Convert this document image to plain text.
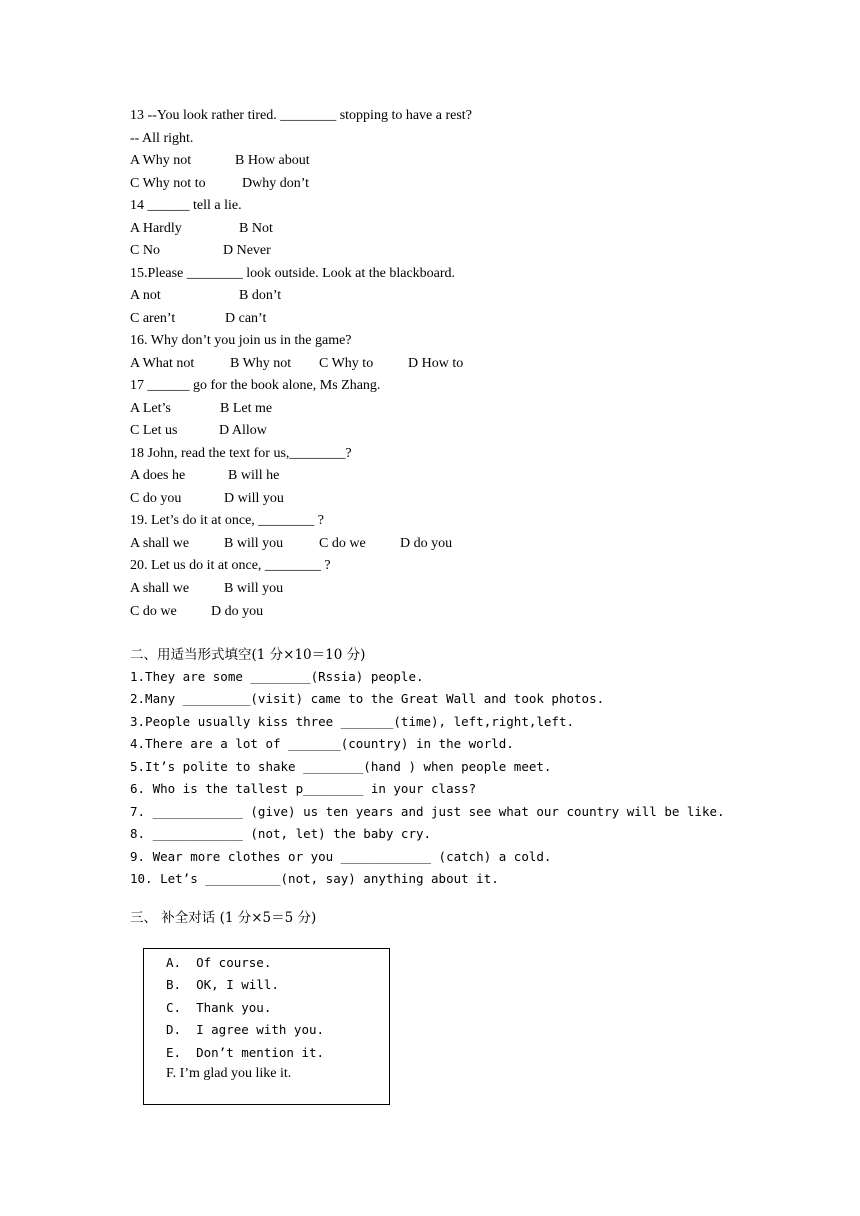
13 --You look rather tired. ________ stopping to have a rest?
-- All right.

A Why not

	B How about

C Why not to

	Dwhy don’t

14 ______ tell a lie.

A Hardly

	B Not

C No

	D Never

15.Please ________ look outside. Look at the blackboard.

A not

	B don’t

C aren’t

	D can’t

16. Why don’t you join us in the game?

A What not

	B Why not

C Why to

D How to

17 ______ go for the book alone, Ms Zhang.

A Let’s

	B Let me

C Let us

	D Allow

18 John, read the text for us,________?

A does he

	B will he

C do you

	D will you

19. Let’s do it at once, ________ ?

A shall we

B will you

	C do we

D do you

20. Let us do it at once, ________ ?

A shall we

B will you

C do we

D do you

二、用适当形式填空(1 分×10＝10 分)
1.They are some ________(Rssia) people.
2.Many _________(visit) came to the Great Wall and took photos.
3.People usually kiss three _______(time), left,right,left.
4.There are a lot of _______(country) in the world.
5.It’s polite to shake ________(hand ) when people meet.
6. Who is the tallest p________ in your class?
7. ____________ (give) us ten years and just see what our country will be like.
8. ____________ (not, let) the baby cry.
9. Wear more clothes or you ____________ (catch) a cold.
10. Let’s __________(not, say) anything about it.
三、 补全对话 (1 分×5＝5 分)
A.  Of course.
B.  OK, I will.
C.  Thank you.
D.  I agree with you.
E.  Don’t mention it.
F. I’m glad you like it.
